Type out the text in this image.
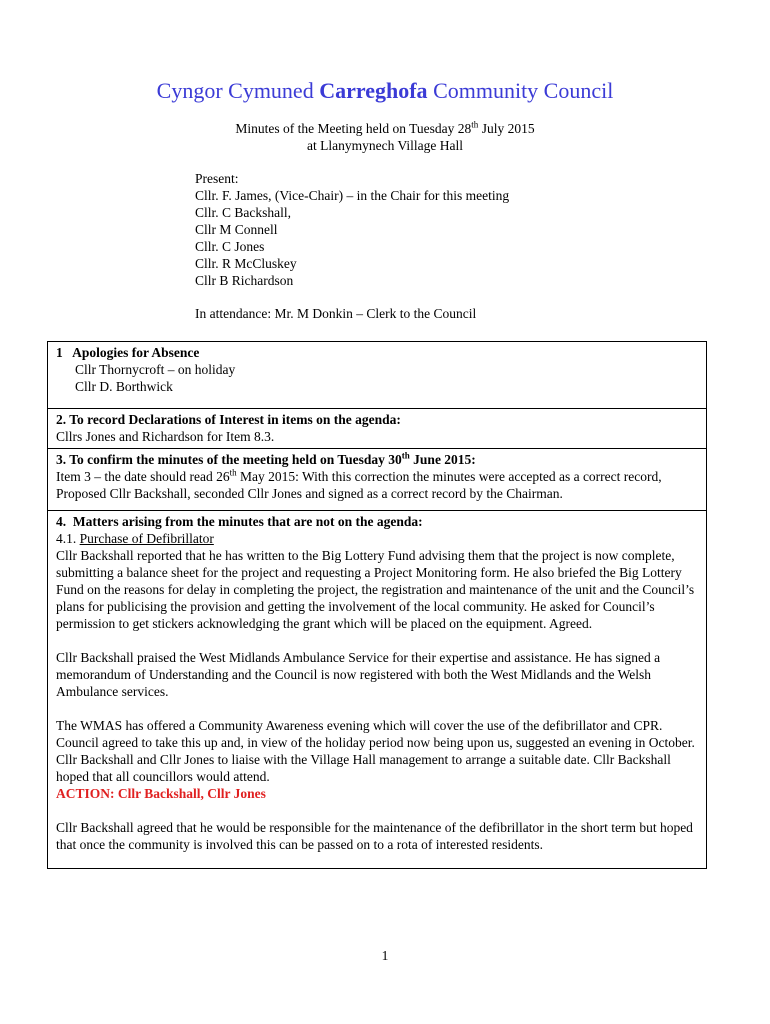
Cyngor Cymuned Carreghofa Community Council
Minutes of the Meeting held on Tuesday 28th July 2015
at Llanymynech Village Hall
Present:
Cllr. F. James, (Vice-Chair) – in the Chair for this meeting
Cllr. C Backshall,
Cllr M Connell
Cllr. C Jones
Cllr. R McCluskey
Cllr B Richardson
In attendance: Mr. M Donkin – Clerk to the Council
1   Apologies for Absence
Cllr Thornycroft – on holiday
Cllr D. Borthwick
2. To record Declarations of Interest in items on the agenda:
Cllrs Jones and Richardson for Item 8.3.
3. To confirm the minutes of the meeting held on Tuesday 30th June 2015:
Item 3 – the date should read 26th May 2015: With this correction the minutes were accepted as a correct record, Proposed Cllr Backshall, seconded Cllr Jones and signed as a correct record by the Chairman.
4.  Matters arising from the minutes that are not on the agenda:
4.1. Purchase of Defibrillator
Cllr Backshall reported that he has written to the Big Lottery Fund advising them that the project is now complete, submitting a balance sheet for the project and requesting a Project Monitoring form. He also briefed the Big Lottery Fund on the reasons for delay in completing the project, the registration and maintenance of the unit and the Council’s plans for publicising the provision and getting the involvement of the local community. He asked for Council’s permission to get stickers acknowledging the grant which will be placed on the equipment. Agreed.
Cllr Backshall praised the West Midlands Ambulance Service for their expertise and assistance. He has signed a memorandum of Understanding and the Council is now registered with both the West Midlands and the Welsh Ambulance services.
The WMAS has offered a Community Awareness evening which will cover the use of the defibrillator and CPR. Council agreed to take this up and, in view of the holiday period now being upon us, suggested an evening in October. Cllr Backshall and Cllr Jones to liaise with the Village Hall management to arrange a suitable date. Cllr Backshall hoped that all councillors would attend.
ACTION: Cllr Backshall, Cllr Jones
Cllr Backshall agreed that he would be responsible for the maintenance of the defibrillator in the short term but hoped that once the community is involved this can be passed on to a rota of interested residents.
1
